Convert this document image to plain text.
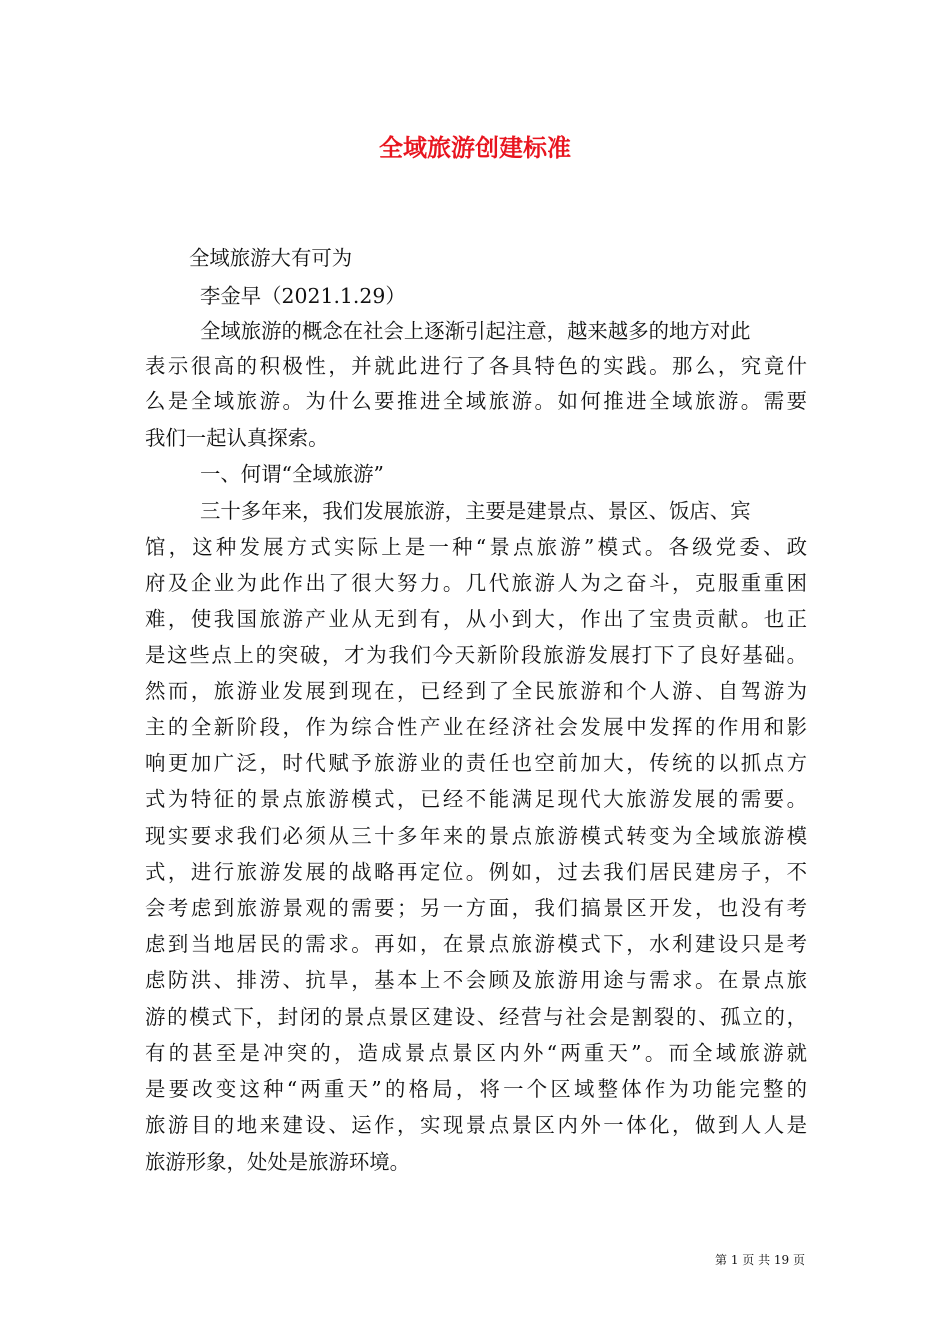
全域旅游创建标准
全域旅游大有可为
李金早（2021.1.29）
全域旅游的概念在社会上逐渐引起注意，越来越多的地方对此
表示很高的积极性，并就此进行了各具特色的实践。那么，究竟什
么是全域旅游。为什么要推进全域旅游。如何推进全域旅游。需要
我们一起认真探索。
一、何谓“全域旅游”
三十多年来，我们发展旅游，主要是建景点、景区、饭店、宾
馆，这种发展方式实际上是一种“景点旅游”模式。各级党委、政
府及企业为此作出了很大努力。几代旅游人为之奋斗，克服重重困
难，使我国旅游产业从无到有，从小到大，作出了宝贵贡献。也正
是这些点上的突破，才为我们今天新阶段旅游发展打下了良好基础。
然而，旅游业发展到现在，已经到了全民旅游和个人游、自驾游为
主的全新阶段，作为综合性产业在经济社会发展中发挥的作用和影
响更加广泛，时代赋予旅游业的责任也空前加大，传统的以抓点方
式为特征的景点旅游模式，已经不能满足现代大旅游发展的需要。
现实要求我们必须从三十多年来的景点旅游模式转变为全域旅游模
式，进行旅游发展的战略再定位。例如，过去我们居民建房子，不
会考虑到旅游景观的需要；另一方面，我们搞景区开发，也没有考
虑到当地居民的需求。再如，在景点旅游模式下，水利建设只是考
虑防洪、排涝、抗旱，基本上不会顾及旅游用途与需求。在景点旅
游的模式下，封闭的景点景区建设、经营与社会是割裂的、孤立的，
有的甚至是冲突的，造成景点景区内外“两重天”。而全域旅游就
是要改变这种“两重天”的格局，将一个区域整体作为功能完整的
旅游目的地来建设、运作，实现景点景区内外一体化，做到人人是
旅游形象，处处是旅游环境。
第 1 页 共 19 页
